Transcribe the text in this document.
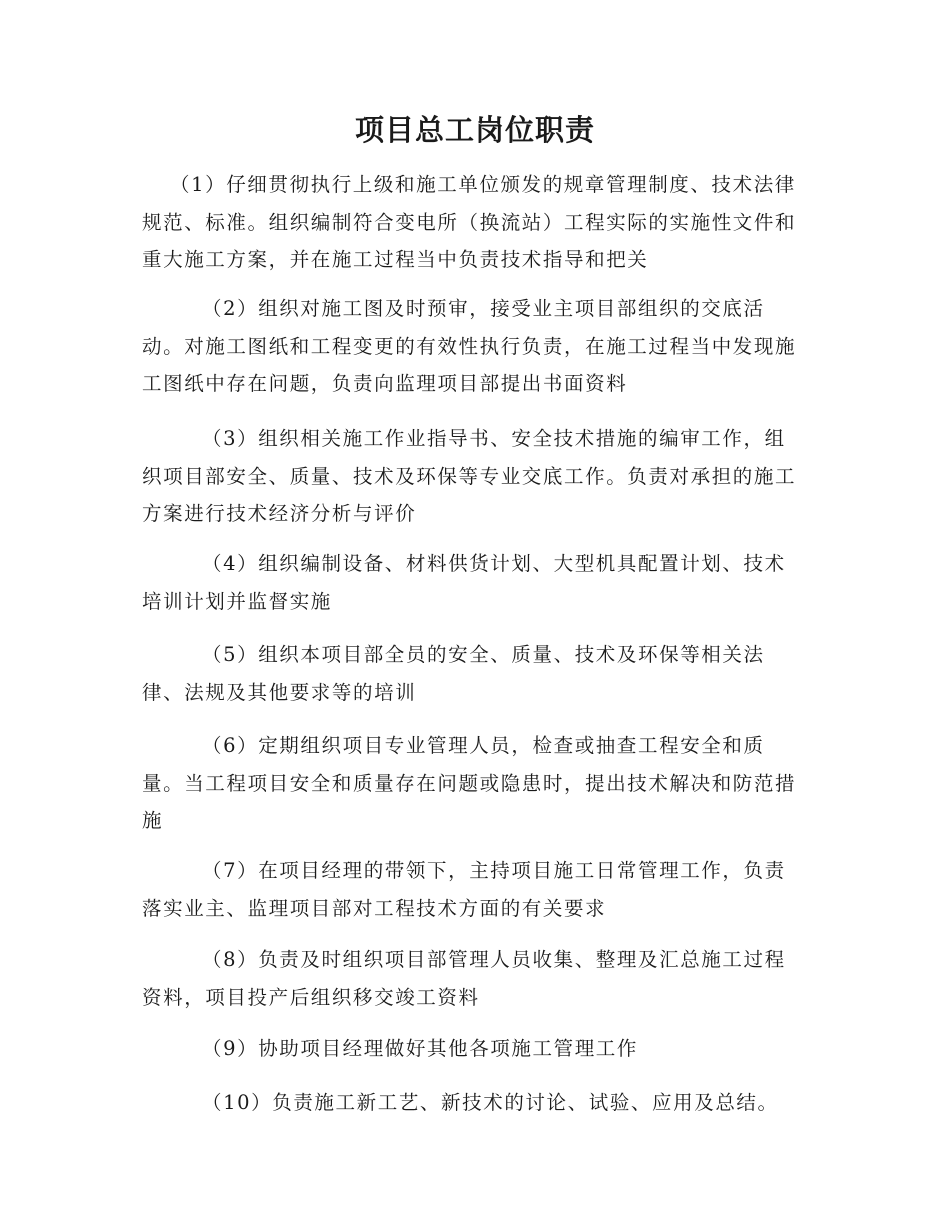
项目总工岗位职责

（1）仔细贯彻执行上级和施工单位颁发的规章管理制度、技术法律规范、标准。组织编制符合变电所（换流站）工程实际的实施性文件和重大施工方案，并在施工过程当中负责技术指导和把关

（2）组织对施工图及时预审，接受业主项目部组织的交底活动。对施工图纸和工程变更的有效性执行负责，在施工过程当中发现施工图纸中存在问题，负责向监理项目部提出书面资料

（3）组织相关施工作业指导书、安全技术措施的编审工作，组织项目部安全、质量、技术及环保等专业交底工作。负责对承担的施工方案进行技术经济分析与评价

（4）组织编制设备、材料供货计划、大型机具配置计划、技术培训计划并监督实施

（5）组织本项目部全员的安全、质量、技术及环保等相关法律、法规及其他要求等的培训

（6）定期组织项目专业管理人员，检查或抽查工程安全和质量。当工程项目安全和质量存在问题或隐患时，提出技术解决和防范措施

（7）在项目经理的带领下，主持项目施工日常管理工作，负责落实业主、监理项目部对工程技术方面的有关要求

（8）负责及时组织项目部管理人员收集、整理及汇总施工过程资料，项目投产后组织移交竣工资料

（9）协助项目经理做好其他各项施工管理工作

（10）负责施工新工艺、新技术的讨论、试验、应用及总结。
